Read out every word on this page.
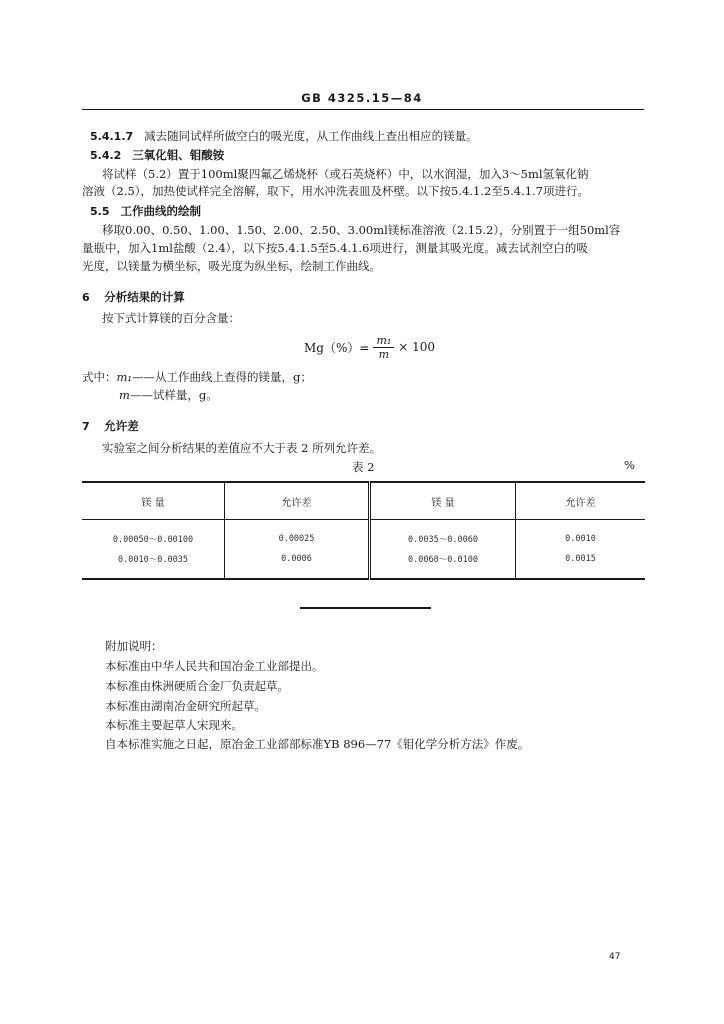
GB 4325.15—84
5.4.1.7 减去随同试样所做空白的吸光度，从工作曲线上查出相应的镁量。
5.4.2 三氧化钼、钼酸铵
将试样（5.2）置于100ml聚四氟乙烯烧杯（或石英烧杯）中，以水润湿，加入3～5ml氢氧化钠
溶液（2.5），加热使试样完全溶解，取下，用水冲洗表皿及杯壁。以下按5.4.1.2至5.4.1.7项进行。
5.5 工作曲线的绘制
移取0.00、0.50、1.00、1.50、2.00、2.50、3.00ml镁标准溶液（2.15.2），分别置于一组50ml容
量瓶中，加入1ml盐酸（2.4），以下按5.4.1.5至5.4.1.6项进行，测量其吸光度。减去试剂空白的吸
光度，以镁量为横坐标，吸光度为纵坐标，绘制工作曲线。
6 分析结果的计算
按下式计算镁的百分含量：
$Mg(\%)= \frac{\text{m₁}}{m} \times 100$
式中：m₁——从工作曲线上查得的镁量，g；
m——试样量，g。
7 允许差
实验室之间分析结果的差值应不大于表 2 所列允许差。
表 2	%
镁 量	允许差	镁 量	允许差
0.00050～0.00100	0.00025	0.0035～0.0060	0.0010
0.0010～0.0035	0.0006	0.0060～0.0100	0.0015
附加说明：
本标准由中华人民共和国冶金工业部提出。
本标准由株洲硬质合金厂负责起草。
本标准由湖南冶金研究所起草。
本标准主要起草人宋现来。
自本标准实施之日起，原冶金工业部部标准YB 896—77《钼化学分析方法》作废。
47
